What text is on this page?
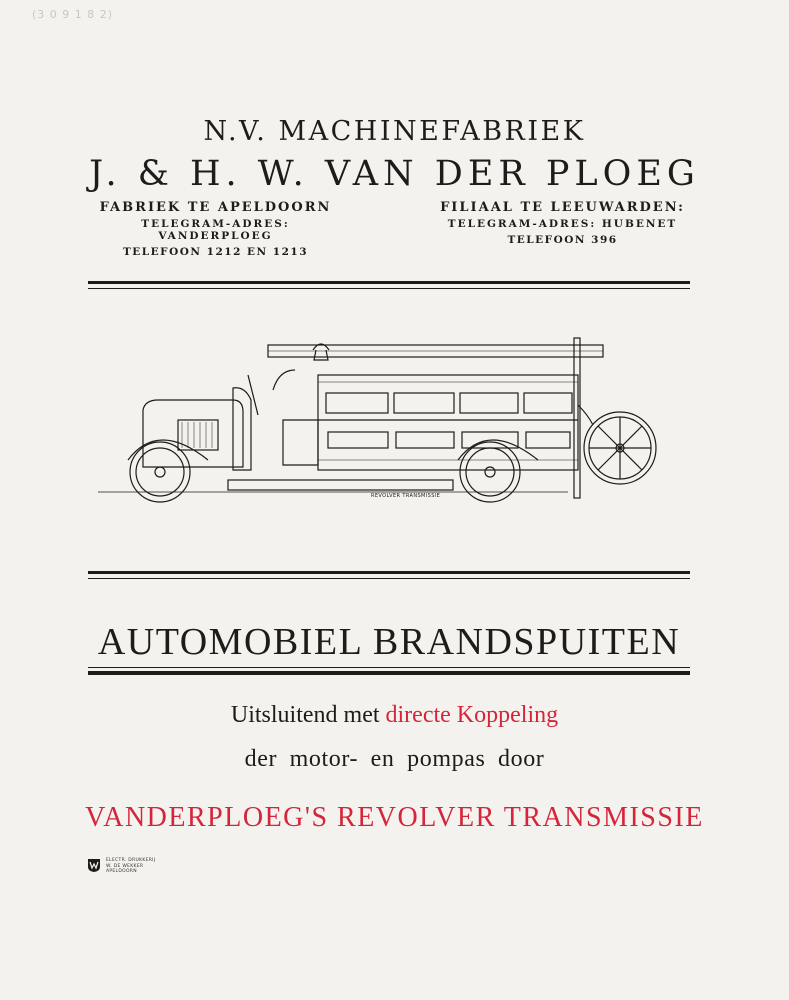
(3 0 9 1 8 2)
N.V. MACHINEFABRIEK
J. & H. W. VAN DER PLOEG
FABRIEK TE APELDOORN
TELEGRAM-ADRES: VANDERPLOEG
TELEFOON 1212 EN 1213
FILIAAL TE LEEUWARDEN:
TELEGRAM-ADRES: HUBENET
TELEFOON 396
REVOLVER TRANSMISSIE
AUTOMOBIEL BRANDSPUITEN
Uitsluitend met directe Koppeling
der motor- en pompas door
VANDERPLOEG'S REVOLVER TRANSMISSIE
ELECTR. DRUKKERIJ
W. DE WEKKER
APELDOORN
